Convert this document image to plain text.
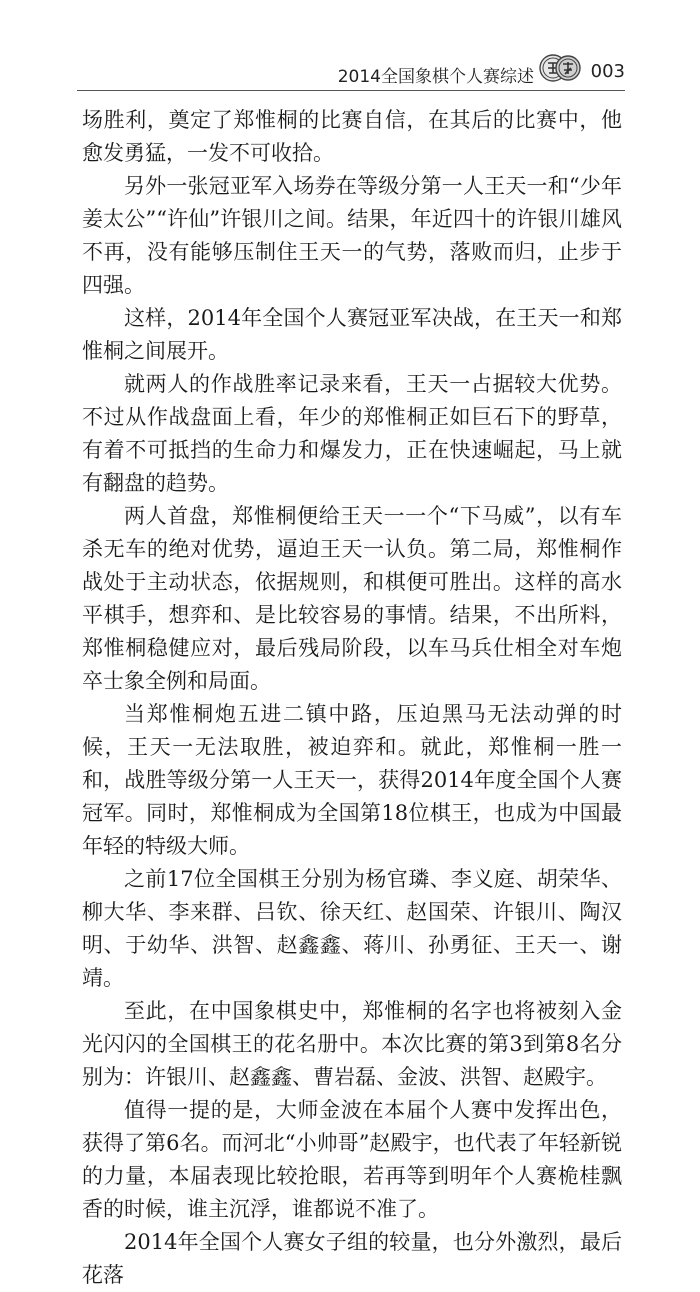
2014全国象棋个人赛综述	003

场胜利，奠定了郑惟桐的比赛自信，在其后的比赛中，他愈发勇猛，一发不可收拾。

另外一张冠亚军入场券在等级分第一人王天一和“少年姜太公”“许仙”许银川之间。结果，年近四十的许银川雄风不再，没有能够压制住王天一的气势，落败而归，止步于四强。

这样，2014年全国个人赛冠亚军决战，在王天一和郑惟桐之间展开。

就两人的作战胜率记录来看，王天一占据较大优势。不过从作战盘面上看，年少的郑惟桐正如巨石下的野草，有着不可抵挡的生命力和爆发力，正在快速崛起，马上就有翻盘的趋势。

两人首盘，郑惟桐便给王天一一个“下马威”，以有车杀无车的绝对优势，逼迫王天一认负。第二局，郑惟桐作战处于主动状态，依据规则，和棋便可胜出。这样的高水平棋手，想弈和、是比较容易的事情。结果，不出所料，郑惟桐稳健应对，最后残局阶段，以车马兵仕相全对车炮卒士象全例和局面。

当郑惟桐炮五进二镇中路，压迫黑马无法动弹的时候，王天一无法取胜，被迫弈和。就此，郑惟桐一胜一和，战胜等级分第一人王天一，获得2014年度全国个人赛冠军。同时，郑惟桐成为全国第18位棋王，也成为中国最年轻的特级大师。

之前17位全国棋王分别为杨官璘、李义庭、胡荣华、柳大华、李来群、吕钦、徐天红、赵国荣、许银川、陶汉明、于幼华、洪智、赵鑫鑫、蒋川、孙勇征、王天一、谢靖。

至此，在中国象棋史中，郑惟桐的名字也将被刻入金光闪闪的全国棋王的花名册中。本次比赛的第3到第8名分别为：许银川、赵鑫鑫、曹岩磊、金波、洪智、赵殿宇。

值得一提的是，大师金波在本届个人赛中发挥出色，获得了第6名。而河北“小帅哥”赵殿宇，也代表了年轻新锐的力量，本届表现比较抢眼，若再等到明年个人赛桅桂飘香的时候，谁主沉浮，谁都说不准了。

2014年全国个人赛女子组的较量，也分外激烈，最后花落
